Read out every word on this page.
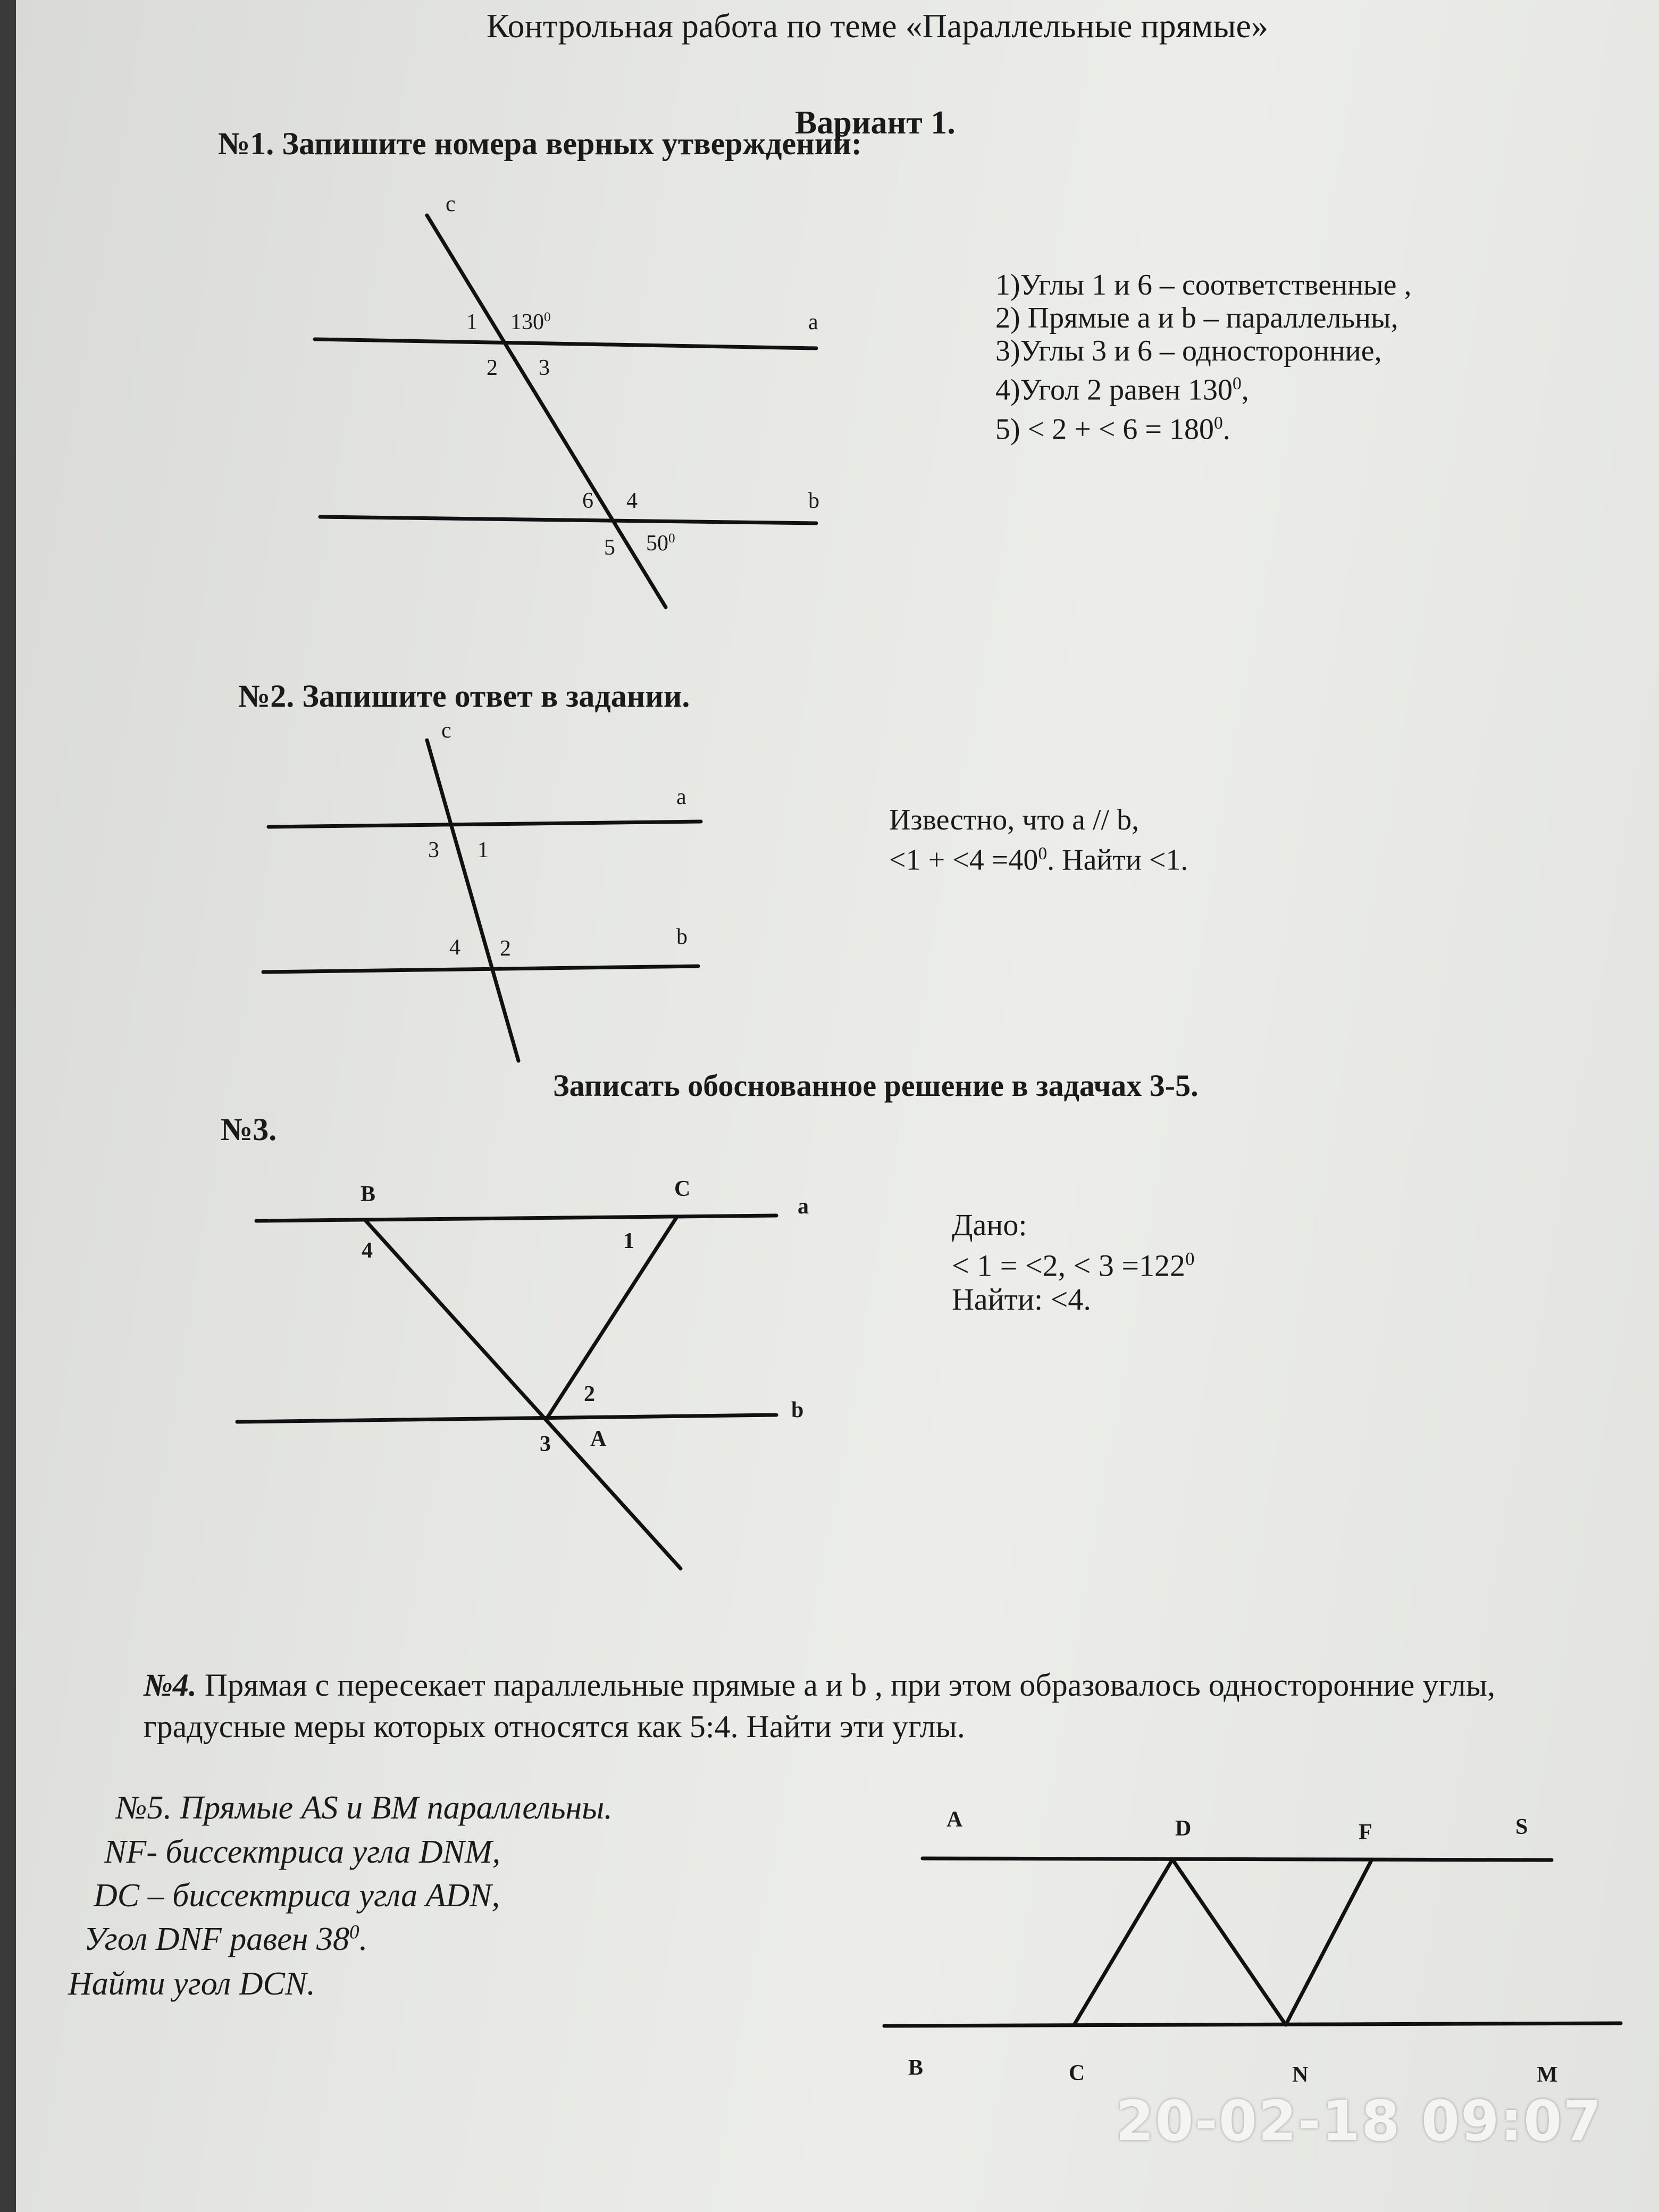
Контрольная работа по теме «Параллельные прямые»
Вариант 1.
№1. Запишите номера верных утверждений:
1)Углы 1 и 6 – соответственные ,
2) Прямые а и b – параллельны,
3)Углы 3 и 6 – односторонние,
4)Угол 2 равен $130^0$,
5) < 2 + < $6 = 180^0$.
c
a
b
1
2 3
4
5
6
$130^0$
$50^0$
№2. Запишите ответ в задании.
Известно, что а // b,
$<1 + <4 =40^0$. Найти <1.
c
a
b
3 1
4 2
Записать обоснованное решение в задачах 3-5.
№3.
Дано:
< 1 = <2, < $3 =122^0$
Найти: <4.
B	C
a
b
4	1
2
3 A
№4. Прямая с пересекает параллельные прямые а и b , при этом образовалось односторонние углы, градусные меры которых относятся как 5:4. Найти эти углы.
№5. Прямые AS и BM параллельны.
NF- биссектриса угла DNM,
DC – биссектриса угла ADN,
Угол DNF равен $38^0$.
Найти угол DCN.
A	D	F	S
B	C	N	M
20-02-18 09:07
